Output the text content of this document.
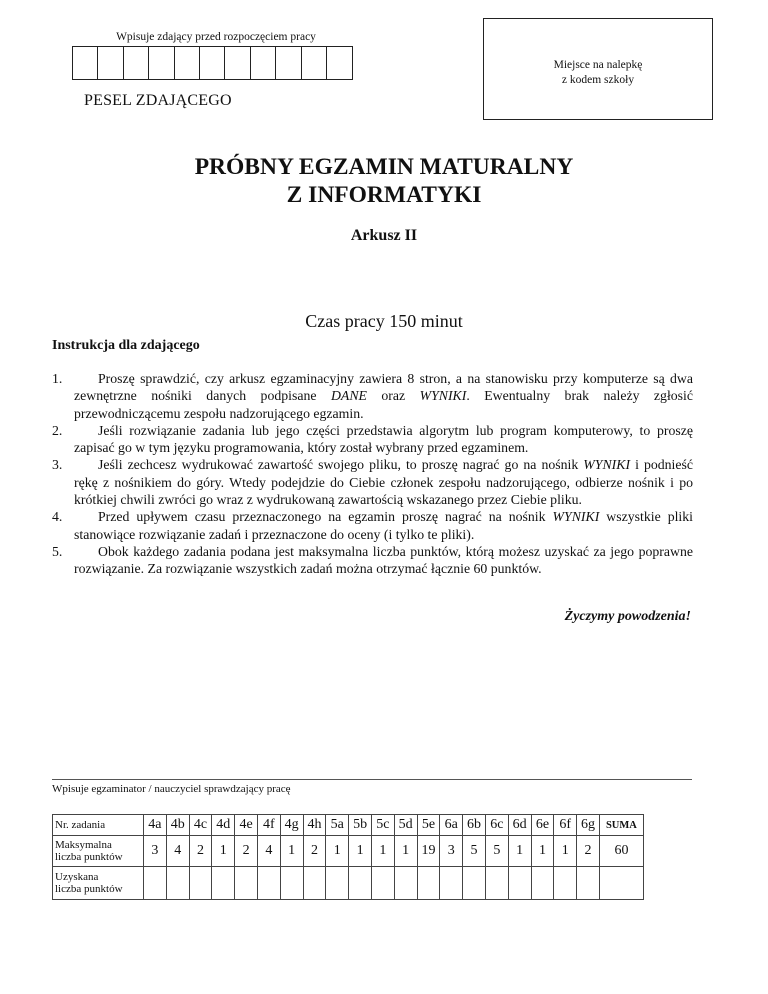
Wpisuje zdający przed rozpoczęciem pracy
PESEL ZDAJĄCEGO
Miejsce na nalepkę
z kodem szkoły
PRÓBNY EGZAMIN MATURALNY
Z INFORMATYKI
Arkusz II
Czas pracy 150 minut
Instrukcja dla zdającego
1.	Proszę sprawdzić, czy arkusz egzaminacyjny zawiera 8 stron, a na stanowisku przy komputerze są dwa zewnętrzne nośniki danych podpisane DANE oraz WYNIKI. Ewentualny brak należy zgłosić przewodniczącemu zespołu nadzorującego egzamin.
2.	Jeśli rozwiązanie zadania lub jego części przedstawia algorytm lub program komputerowy, to proszę zapisać go w tym języku programowania, który został wybrany przed egzaminem.
3.	Jeśli zechcesz wydrukować zawartość swojego pliku, to proszę nagrać go na nośnik WYNIKI i podnieść rękę z nośnikiem do góry. Wtedy podejdzie do Ciebie członek zespołu nadzorującego, odbierze nośnik i po krótkiej chwili zwróci go wraz z wydrukowaną zawartością wskazanego przez Ciebie pliku.
4.	Przed upływem czasu przeznaczonego na egzamin proszę nagrać na nośnik WYNIKI wszystkie pliki stanowiące rozwiązanie zadań i przeznaczone do oceny (i tylko te pliki).
5.	Obok każdego zadania podana jest maksymalna liczba punktów, którą możesz uzyskać za jego poprawne rozwiązanie. Za rozwiązanie wszystkich zadań można otrzymać łącznie 60 punktów.
Życzymy powodzenia!
Wpisuje egzaminator / nauczyciel sprawdzający pracę
Nr. zadania	4a	4b	4c	4d	4e	4f	4g	4h	5a	5b	5c	5d	5e	6a	6b	6c	6d	6e	6f	6g	SUMA

Maksymalna
liczba punktów	3	4	2	1	2	4	1	2	1	1	1	1	19	3	5	5	1	1	1	2	60

Uzyskana
liczba punktów																					
